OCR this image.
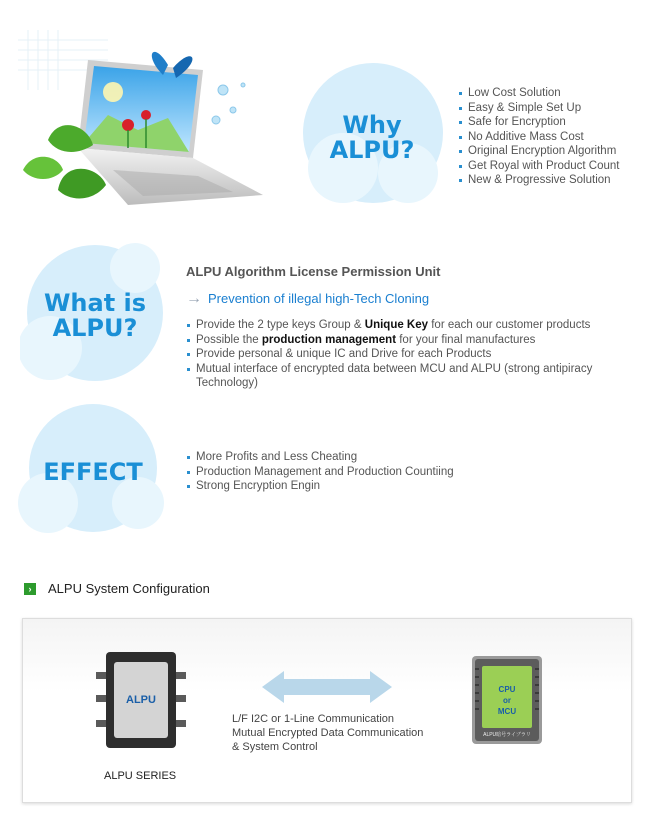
Why
ALPU?
Low Cost Solution
Easy & Simple Set Up
Safe for Encryption
No Additive Mass Cost
Original Encryption Algorithm
Get Royal with Product Count
New & Progressive Solution
What is
ALPU?
ALPU Algorithm License Permission Unit
→ Prevention of illegal high-Tech Cloning
Provide the 2 type keys Group & Unique Key for each our customer products
Possible the production management for your final manufactures
Provide personal & unique IC and Drive for each Products
Mutual interface of encrypted data between MCU and ALPU (strong antipiracy Technology)
EFFECT
More Profits and Less Cheating
Production Management and Production Countiing
Strong Encryption Engin
›	ALPU System Configuration
ALPU
ALPU SERIES
L/F I2C or 1-Line Communication
Mutual Encrypted Data Communication
& System Control
CPU
or
MCU
ALPU暗号ライブラリ
